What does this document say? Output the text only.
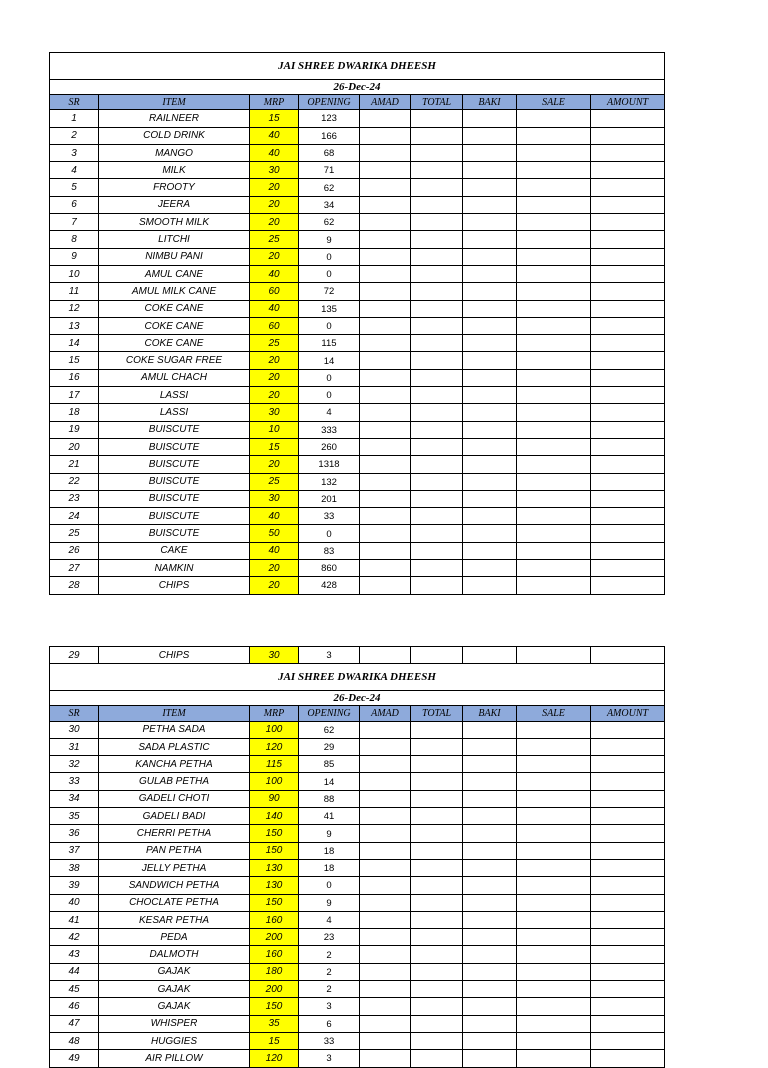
JAI SHREE DWARIKA DHEESH								
26-Dec-24								
SR	ITEM	MRP	OPENING	AMAD	TOTAL	BAKI	SALE	AMOUNT
1	RAILNEER	15	123					
2	COLD DRINK	40	166					
3	MANGO	40	68					
4	MILK	30	71					
5	FROOTY	20	62					
6	JEERA	20	34					
7	SMOOTH MILK	20	62					
8	LITCHI	25	9					
9	NIMBU PANI	20	0					
10	AMUL CANE	40	0					
11	AMUL MILK CANE	60	72					
12	COKE CANE	40	135					
13	COKE CANE	60	0					
14	COKE CANE	25	115					
15	COKE SUGAR FREE	20	14					
16	AMUL CHACH	20	0					
17	LASSI	20	0					
18	LASSI	30	4					
19	BUISCUTE	10	333					
20	BUISCUTE	15	260					
21	BUISCUTE	20	1318					
22	BUISCUTE	25	132					
23	BUISCUTE	30	201					
24	BUISCUTE	40	33					
25	BUISCUTE	50	0					
26	CAKE	40	83					
27	NAMKIN	20	860					
28	CHIPS	20	428					
29	CHIPS	30	3					
JAI SHREE DWARIKA DHEESH								
26-Dec-24								
SR	ITEM	MRP	OPENING	AMAD	TOTAL	BAKI	SALE	AMOUNT
30	PETHA SADA	100	62					
31	SADA PLASTIC	120	29					
32	KANCHA PETHA	115	85					
33	GULAB PETHA	100	14					
34	GADELI CHOTI	90	88					
35	GADELI BADI	140	41					
36	CHERRI PETHA	150	9					
37	PAN PETHA	150	18					
38	JELLY PETHA	130	18					
39	SANDWICH PETHA	130	0					
40	CHOCLATE PETHA	150	9					
41	KESAR PETHA	160	4					
42	PEDA	200	23					
43	DALMOTH	160	2					
44	GAJAK	180	2					
45	GAJAK	200	2					
46	GAJAK	150	3					
47	WHISPER	35	6					
48	HUGGIES	15	33					
49	AIR PILLOW	120	3					
